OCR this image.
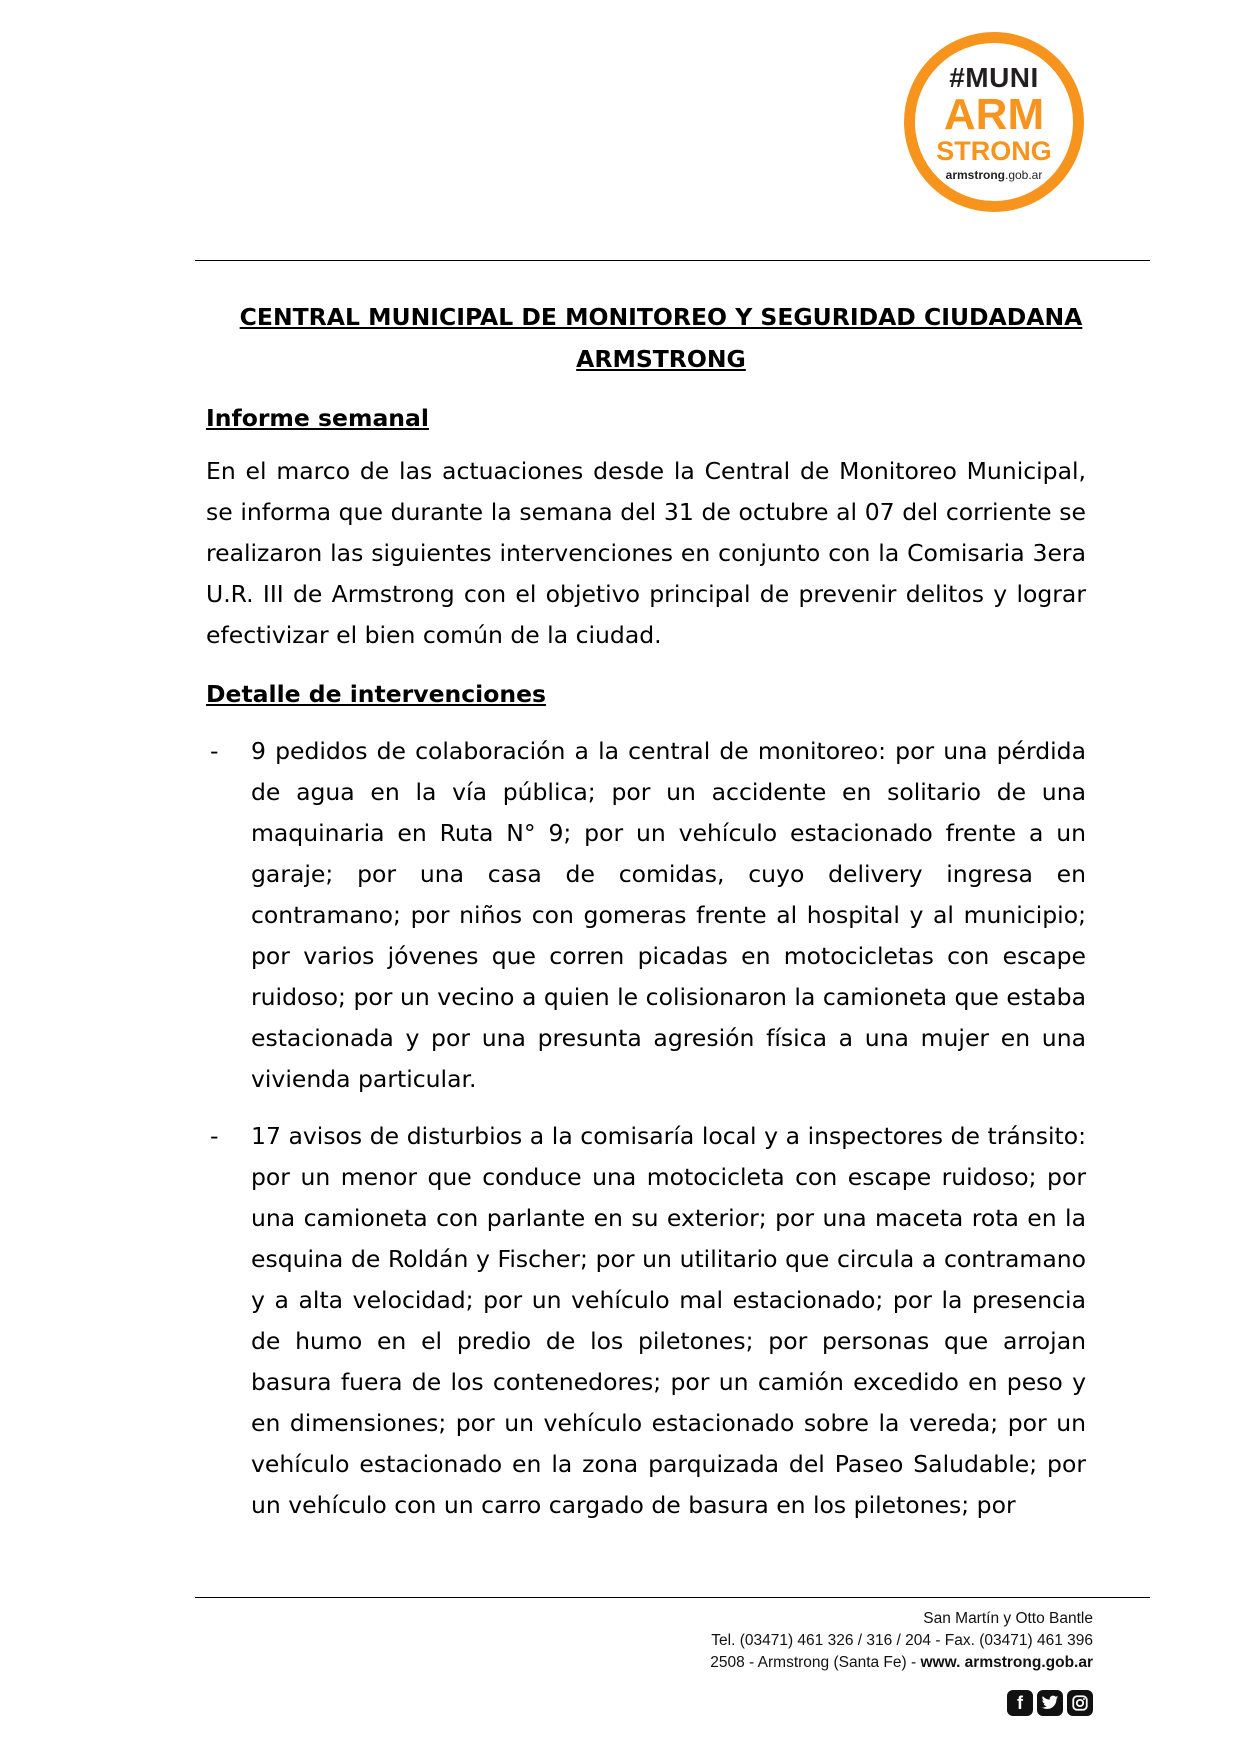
#MUNI
ARM
STRONG
armstrong.gob.ar

CENTRAL MUNICIPAL DE MONITOREO Y SEGURIDAD CIUDADANA
ARMSTRONG

Informe semanal

En el marco de las actuaciones desde la Central de Monitoreo Municipal, se informa que durante la semana del 31 de octubre al 07 del corriente se realizaron las siguientes intervenciones en conjunto con la Comisaria 3era U.R. III de Armstrong con el objetivo principal de prevenir delitos y lograr efectivizar el bien común de la ciudad.

Detalle de intervenciones

- 9 pedidos de colaboración a la central de monitoreo: por una pérdida de agua en la vía pública; por un accidente en solitario de una maquinaria en Ruta N° 9; por un vehículo estacionado frente a un garaje; por una casa de comidas, cuyo delivery ingresa en contramano; por niños con gomeras frente al hospital y al municipio; por varios jóvenes que corren picadas en motocicletas con escape ruidoso; por un vecino a quien le colisionaron la camioneta que estaba estacionada y por una presunta agresión física a una mujer en una vivienda particular.
- 17 avisos de disturbios a la comisaría local y a inspectores de tránsito: por un menor que conduce una motocicleta con escape ruidoso; por una camioneta con parlante en su exterior; por una maceta rota en la esquina de Roldán y Fischer; por un utilitario que circula a contramano y a alta velocidad; por un vehículo mal estacionado; por la presencia de humo en el predio de los piletones; por personas que arrojan basura fuera de los contenedores; por un camión excedido en peso y en dimensiones; por un vehículo estacionado sobre la vereda; por un vehículo estacionado en la zona parquizada del Paseo Saludable; por un vehículo con un carro cargado de basura en los piletones; por
San Martín y Otto Bantle
Tel. (03471) 461 326 / 316 / 204 - Fax. (03471) 461 396
2508 - Armstrong (Santa Fe) - www. armstrong.gob.ar
f
